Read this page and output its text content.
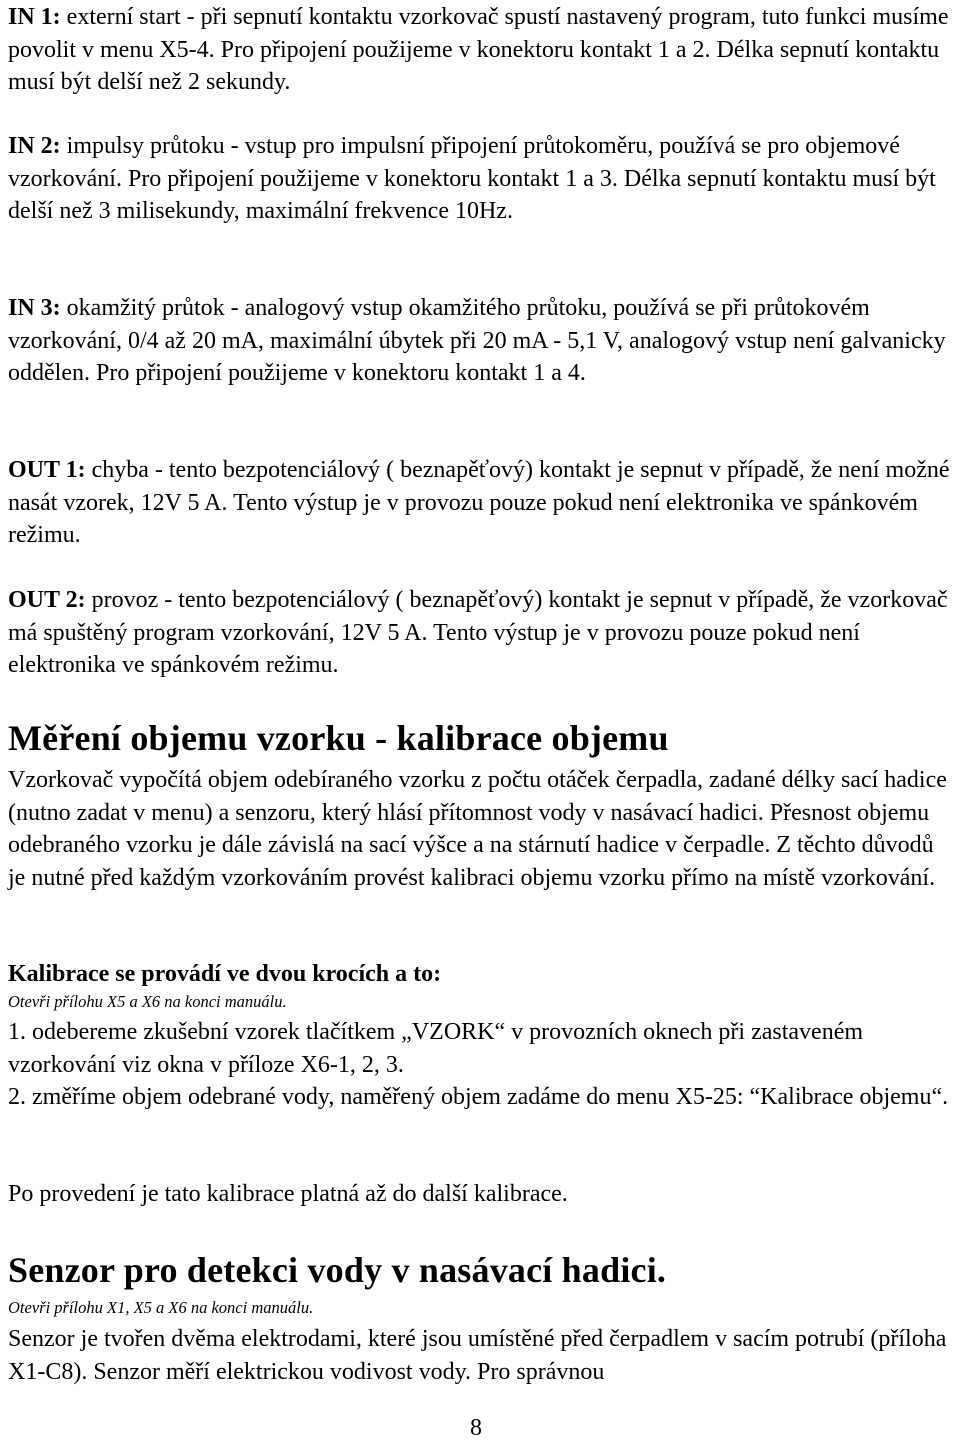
IN 1: externí start - při sepnutí kontaktu vzorkovač spustí nastavený program, tuto funkci musíme povolit v menu X5-4. Pro připojení použijeme v konektoru kontakt 1 a 2. Délka sepnutí kontaktu musí být delší než 2 sekundy.

IN 2: impulsy průtoku - vstup pro impulsní připojení průtokoměru, používá se pro objemové vzorkování. Pro připojení použijeme v konektoru kontakt 1 a 3. Délka sepnutí kontaktu musí být delší než 3 milisekundy, maximální frekvence 10Hz.

IN 3: okamžitý průtok - analogový vstup okamžitého průtoku, používá se při průtokovém vzorkování, 0/4 až 20 mA, maximální úbytek při 20 mA - 5,1 V, analogový vstup není galvanicky oddělen. Pro připojení použijeme v konektoru kontakt 1 a 4.

OUT 1: chyba - tento bezpotenciálový ( beznapěťový) kontakt je sepnut v případě, že není možné nasát vzorek, 12V 5 A. Tento výstup je v provozu pouze pokud není elektronika ve spánkovém režimu.

OUT 2: provoz - tento bezpotenciálový ( beznapěťový) kontakt je sepnut v případě, že vzorkovač má spuštěný program vzorkování, 12V 5 A. Tento výstup je v provozu pouze pokud není elektronika ve spánkovém režimu.

Měření objemu vzorku - kalibrace objemu

Vzorkovač vypočítá objem odebíraného vzorku z počtu otáček čerpadla, zadané délky sací hadice (nutno zadat v menu) a senzoru, který hlásí přítomnost vody v nasávací hadici. Přesnost objemu odebraného vzorku je dále závislá na sací výšce a na stárnutí hadice v čerpadle. Z těchto důvodů je nutné před každým vzorkováním provést kalibraci objemu vzorku přímo na místě vzorkování.

Kalibrace se provádí ve dvou krocích a to:

Otevři přílohu X5 a X6 na konci manuálu.

1. odebereme zkušební vzorek tlačítkem „VZORK“ v provozních oknech při zastaveném vzorkování viz okna v příloze X6-1, 2, 3.

2. změříme objem odebrané vody, naměřený objem zadáme do menu X5-25: “Kalibrace objemu“.

Po provedení je tato kalibrace platná až do další kalibrace.

Senzor pro detekci vody v nasávací hadici.
Otevři přílohu X1, X5 a X6 na konci manuálu.

Senzor je tvořen dvěma elektrodami, které jsou umístěné před čerpadlem v sacím potrubí (příloha X1-C8). Senzor měří elektrickou vodivost vody. Pro správnou

8
